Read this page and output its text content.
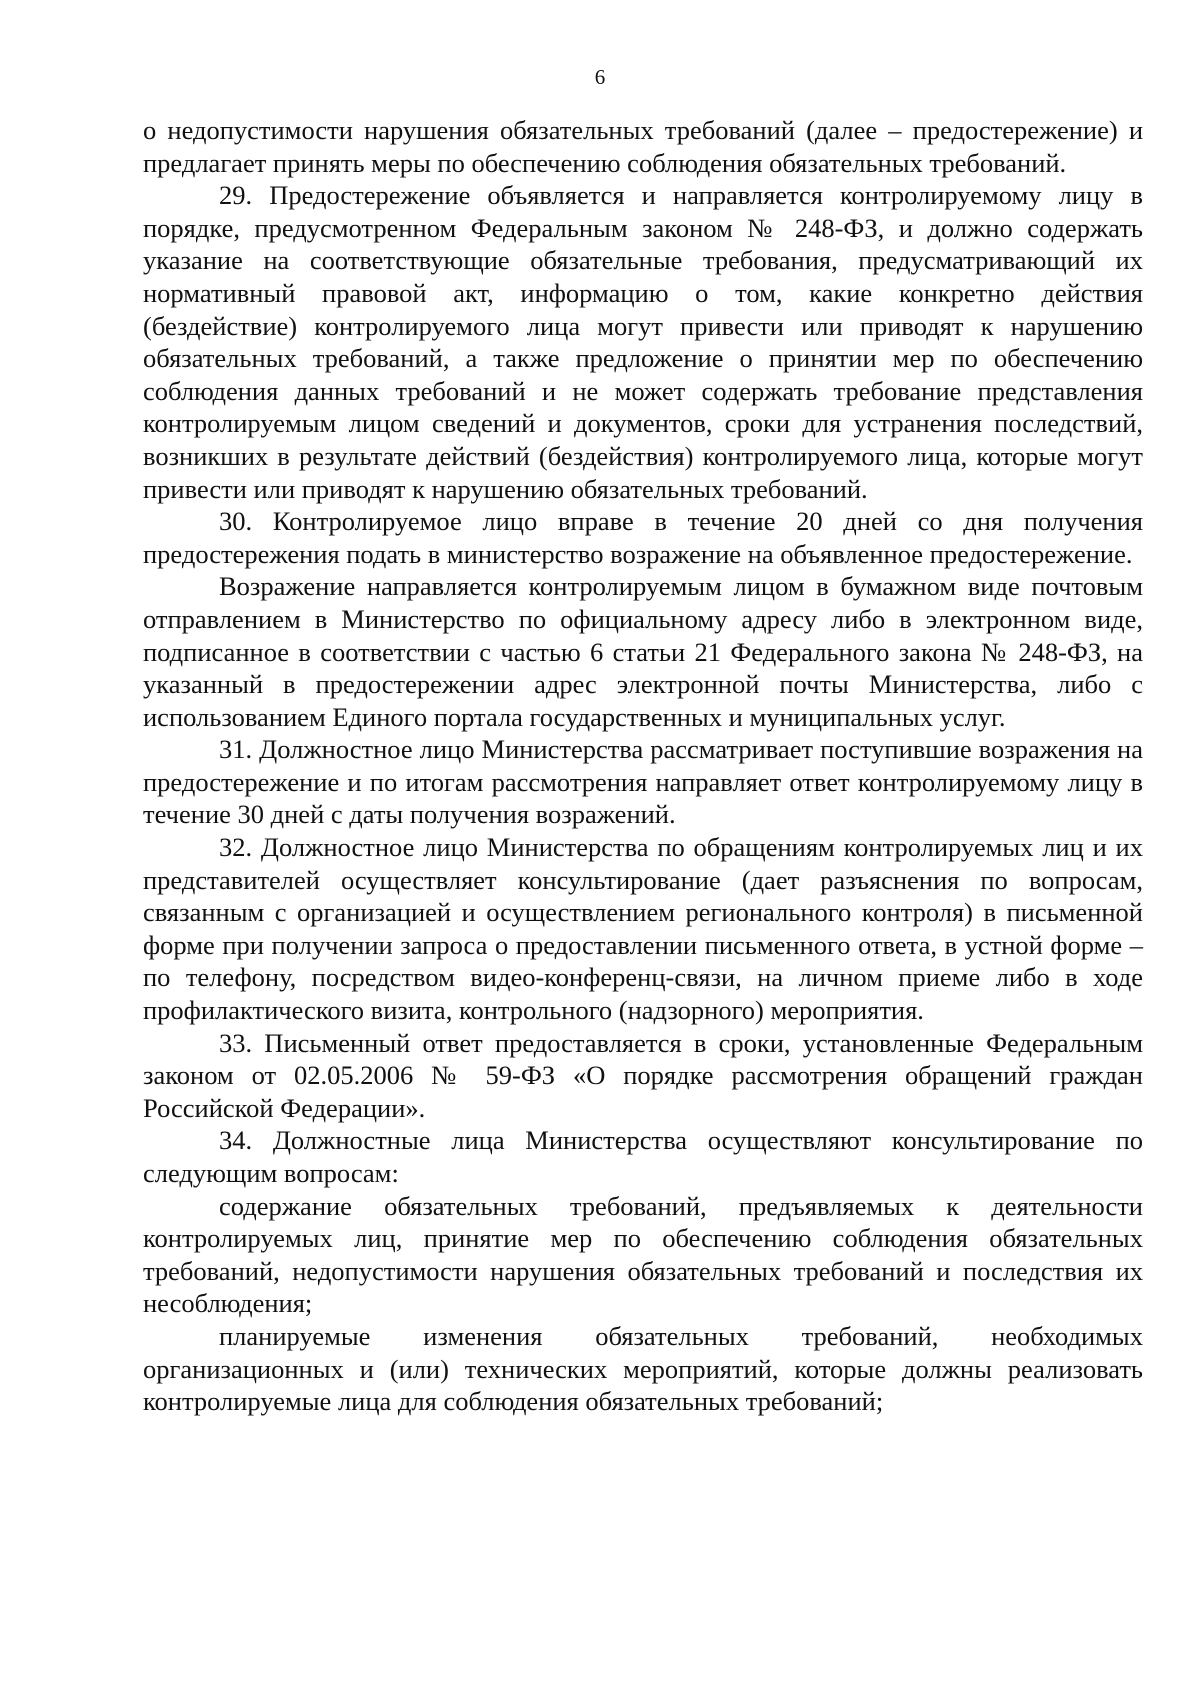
6

о недопустимости нарушения обязательных требований (далее – предостережение) и предлагает принять меры по обеспечению соблюдения обязательных требований.

29. Предостережение объявляется и направляется контролируемому лицу в порядке, предусмотренном Федеральным законом № 248-ФЗ, и должно содержать указание на соответствующие обязательные требования, предусматривающий их нормативный правовой акт, информацию о том, какие конкретно действия (бездействие) контролируемого лица могут привести или приводят к нарушению обязательных требований, а также предложение о принятии мер по обеспечению соблюдения данных требований и не может содержать требование представления контролируемым лицом сведений и документов, сроки для устранения последствий, возникших в результате действий (бездействия) контролируемого лица, которые могут привести или приводят к нарушению обязательных требований.

30. Контролируемое лицо вправе в течение 20 дней со дня получения предостережения подать в министерство возражение на объявленное предостережение.

Возражение направляется контролируемым лицом в бумажном виде почтовым отправлением в Министерство по официальному адресу либо в электронном виде, подписанное в соответствии с частью 6 статьи 21 Федерального закона № 248-ФЗ, на указанный в предостережении адрес электронной почты Министерства, либо с использованием Единого портала государственных и муниципальных услуг.

31. Должностное лицо Министерства рассматривает поступившие возражения на предостережение и по итогам рассмотрения направляет ответ контролируемому лицу в течение 30 дней с даты получения возражений.

32. Должностное лицо Министерства по обращениям контролируемых лиц и их представителей осуществляет консультирование (дает разъяснения по вопросам, связанным с организацией и осуществлением регионального контроля) в письменной форме при получении запроса о предоставлении письменного ответа, в устной форме – по телефону, посредством видео-конференц-связи, на личном приеме либо в ходе профилактического визита, контрольного (надзорного) мероприятия.

33. Письменный ответ предоставляется в сроки, установленные Федеральным законом от 02.05.2006 № 59-ФЗ «О порядке рассмотрения обращений граждан Российской Федерации».

34. Должностные лица Министерства осуществляют консультирование по следующим вопросам:

содержание обязательных требований, предъявляемых к деятельности контролируемых лиц, принятие мер по обеспечению соблюдения обязательных требований, недопустимости нарушения обязательных требований и последствия их несоблюдения;

планируемые изменения обязательных требований, необходимых организационных и (или) технических мероприятий, которые должны реализовать контролируемые лица для соблюдения обязательных требований;
